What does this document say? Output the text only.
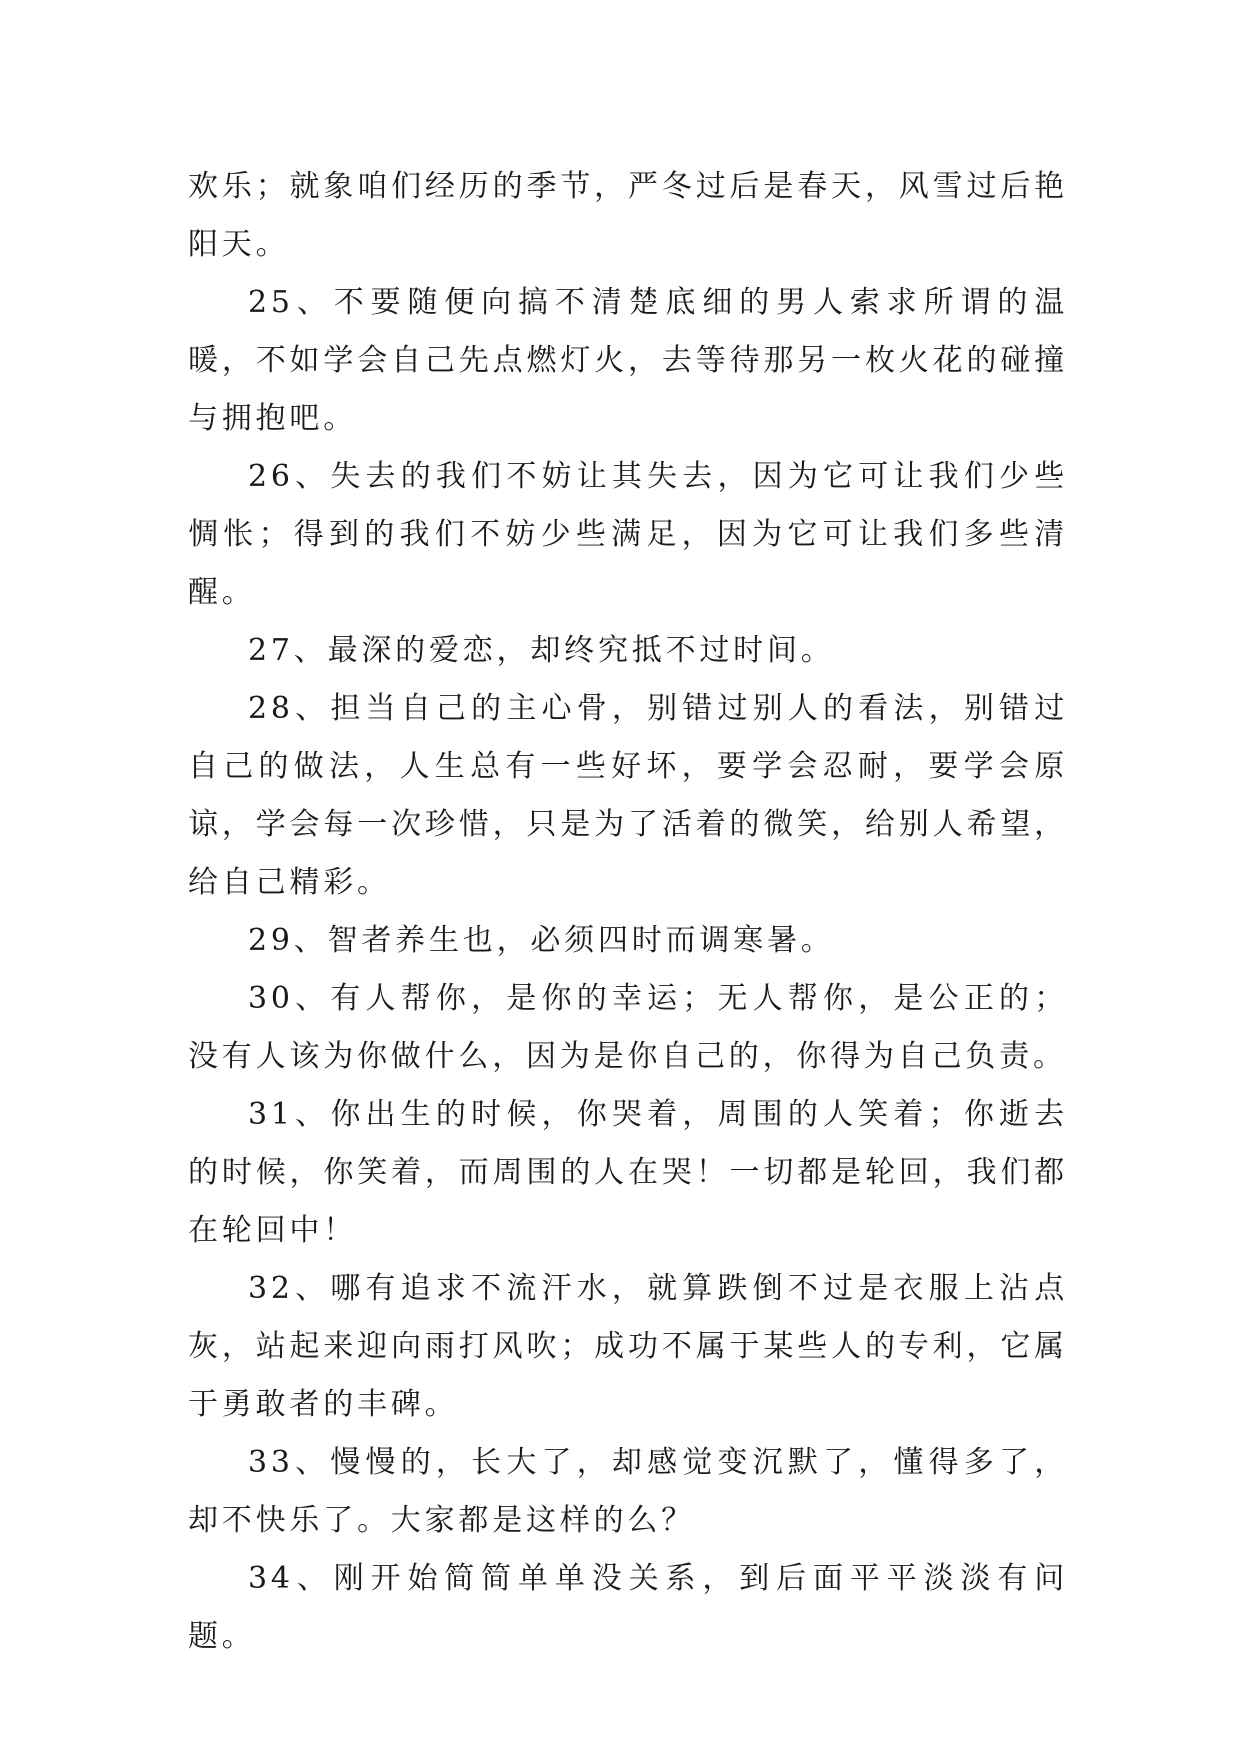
欢乐；就象咱们经历的季节，严冬过后是春天，风雪过后艳阳天。

25、不要随便向搞不清楚底细的男人索求所谓的温暖，不如学会自己先点燃灯火，去等待那另一枚火花的碰撞与拥抱吧。

26、失去的我们不妨让其失去，因为它可让我们少些惆怅；得到的我们不妨少些满足，因为它可让我们多些清醒。

27、最深的爱恋，却终究抵不过时间。

28、担当自己的主心骨，别错过别人的看法，别错过自己的做法，人生总有一些好坏，要学会忍耐，要学会原谅，学会每一次珍惜，只是为了活着的微笑，给别人希望，给自己精彩。

29、智者养生也，必须四时而调寒暑。

30、有人帮你，是你的幸运；无人帮你，是公正的；没有人该为你做什么，因为是你自己的，你得为自己负责。

31、你出生的时候，你哭着，周围的人笑着；你逝去的时候，你笑着，而周围的人在哭！一切都是轮回，我们都在轮回中！

32、哪有追求不流汗水，就算跌倒不过是衣服上沾点灰，站起来迎向雨打风吹；成功不属于某些人的专利，它属于勇敢者的丰碑。

33、慢慢的，长大了，却感觉变沉默了，懂得多了，却不快乐了。大家都是这样的么？

34、刚开始简简单单没关系，到后面平平淡淡有问题。
